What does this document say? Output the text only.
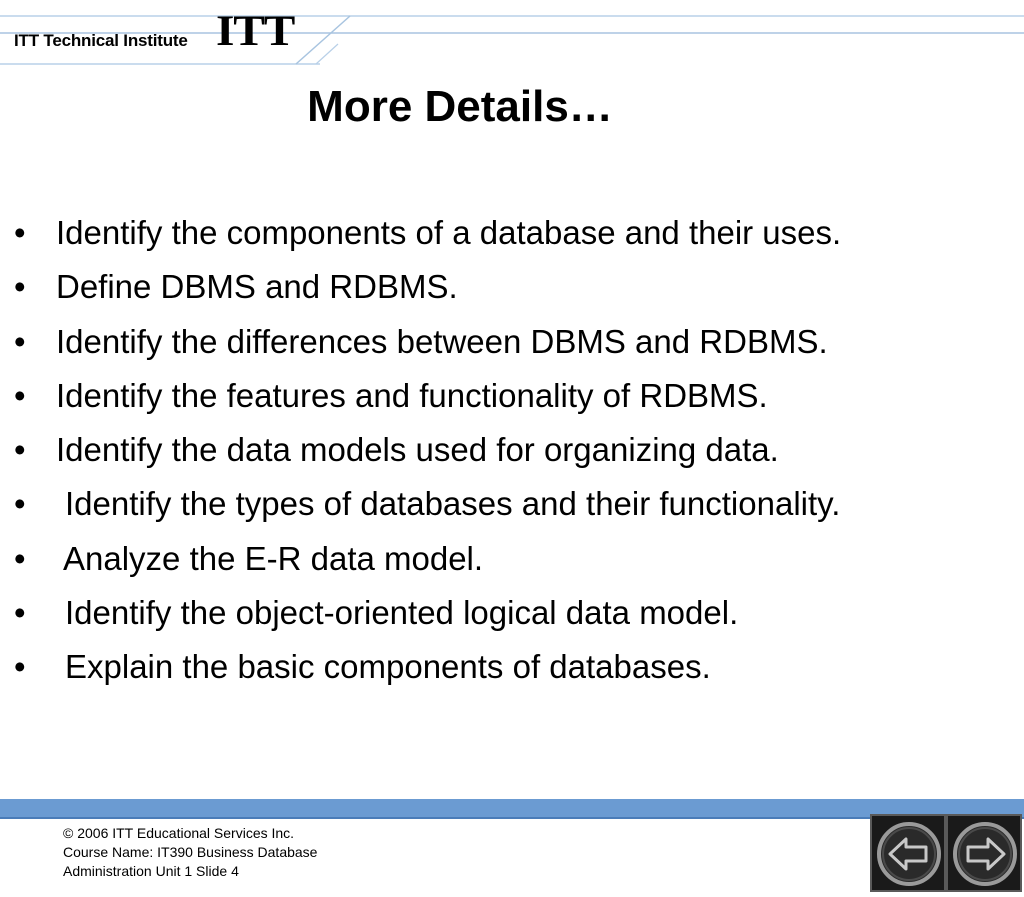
ITT Technical Institute ITT
More Details…
• Identify the components of a database and their uses.
• Define DBMS and RDBMS.
• Identify the differences between DBMS and RDBMS.
• Identify the features and functionality of RDBMS.
• Identify the data models used for organizing data.
• Identify the types of databases and their functionality.
• Analyze the E-R data model.
• Identify the object-oriented logical data model.
• Explain the basic components of databases.
© 2006 ITT Educational Services Inc.
Course Name: IT390 Business Database
Administration Unit 1 Slide 4
